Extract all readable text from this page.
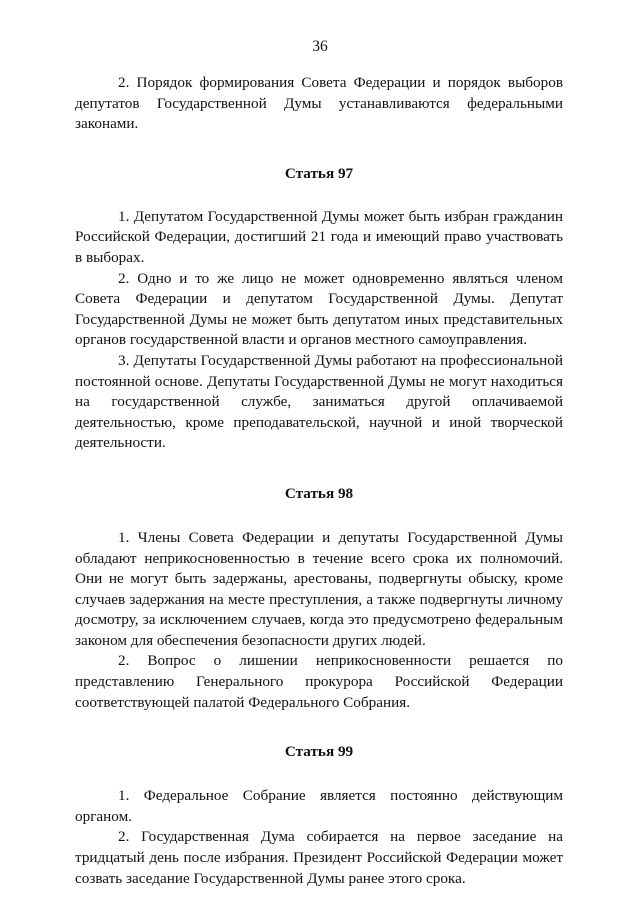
36

2. Порядок формирования Совета Федерации и порядок выборов депутатов Государственной Думы устанавливаются федеральными законами.

Статья 97

1. Депутатом Государственной Думы может быть избран гражданин Российской Федерации, достигший 21 года и имеющий право участвовать в выборах.

2. Одно и то же лицо не может одновременно являться членом Совета Федерации и депутатом Государственной Думы. Депутат Государственной Думы не может быть депутатом иных представительных органов государственной власти и органов местного самоуправления.

3. Депутаты Государственной Думы работают на профессиональной постоянной основе. Депутаты Государственной Думы не могут находиться на государственной службе, заниматься другой оплачиваемой деятельностью, кроме преподавательской, научной и иной творческой деятельности.

Статья 98

1. Члены Совета Федерации и депутаты Государственной Думы обладают неприкосновенностью в течение всего срока их полномочий. Они не могут быть задержаны, арестованы, подвергнуты обыску, кроме случаев задержания на месте преступления, а также подвергнуты личному досмотру, за исключением случаев, когда это предусмотрено федеральным законом для обеспечения безопасности других людей.

2. Вопрос о лишении неприкосновенности решается по представлению Генерального прокурора Российской Федерации соответствующей палатой Федерального Собрания.

Статья 99

1. Федеральное Собрание является постоянно действующим органом.

2. Государственная Дума собирается на первое заседание на тридцатый день после избрания. Президент Российской Федерации может созвать заседание Государственной Думы ранее этого срока.
